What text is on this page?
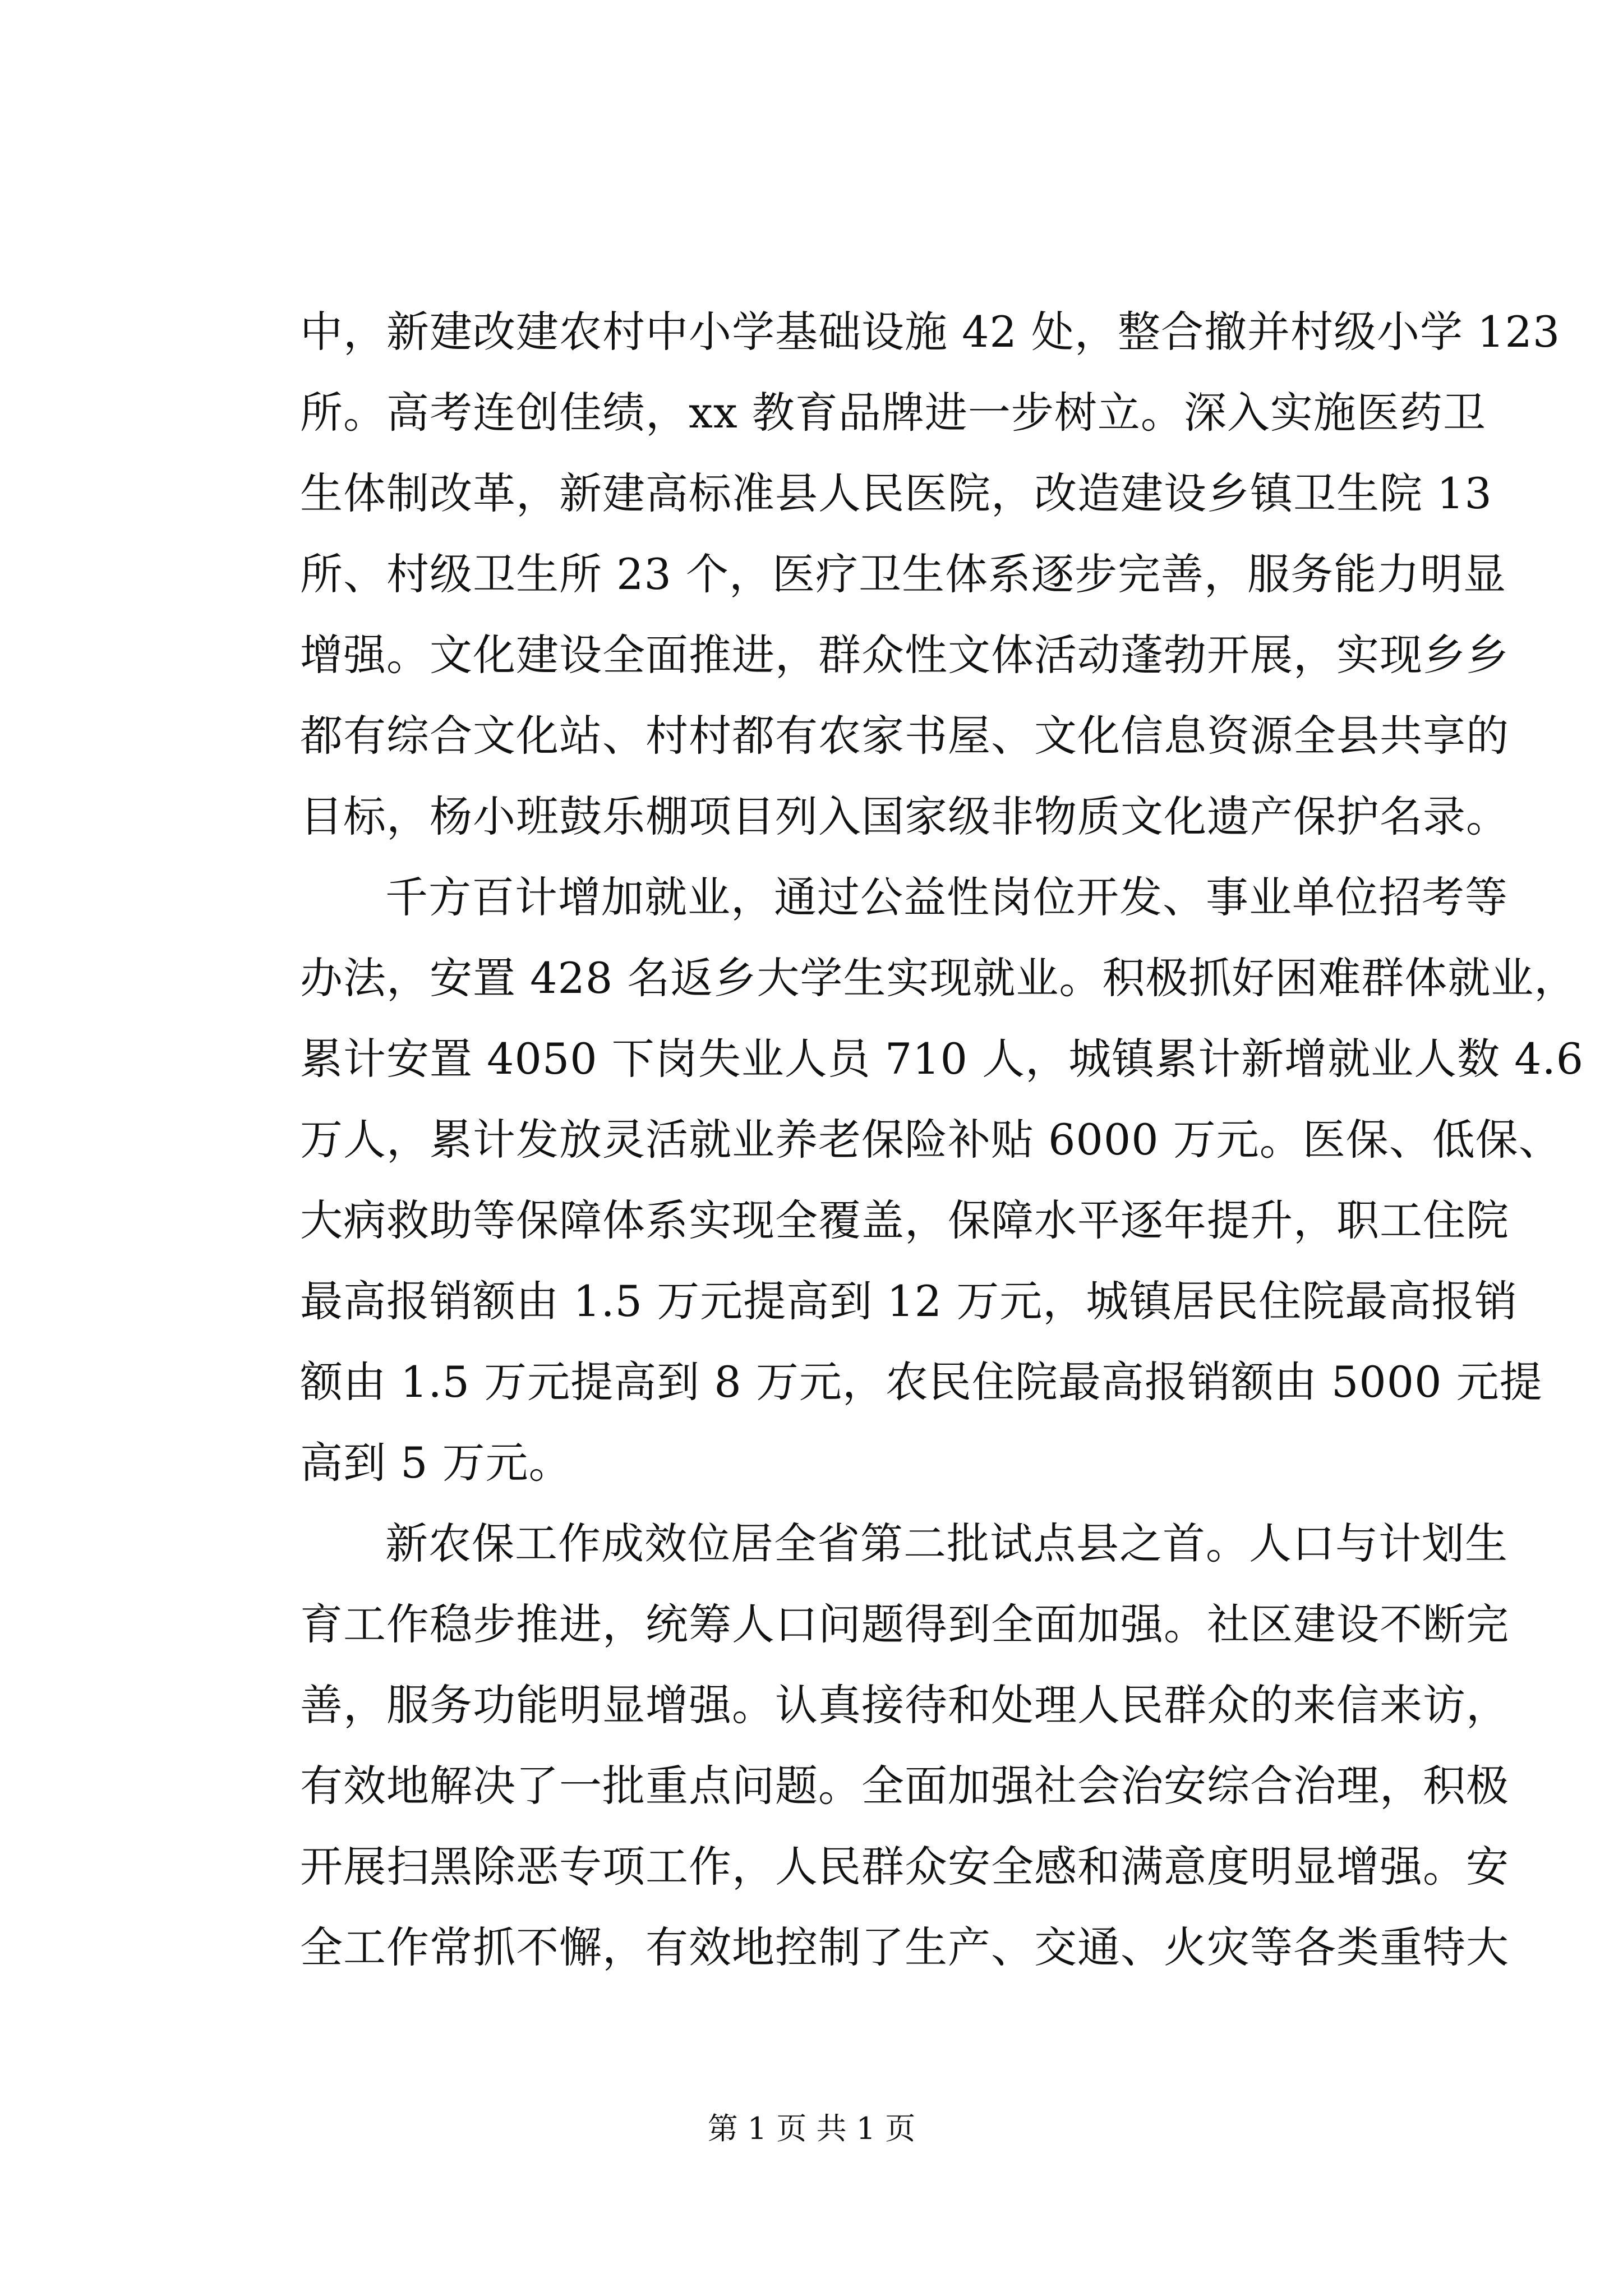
中，新建改建农村中小学基础设施 42 处，整合撤并村级小学 123
所。高考连创佳绩，xx 教育品牌进一步树立。深入实施医药卫
生体制改革，新建高标准县人民医院，改造建设乡镇卫生院 13
所、村级卫生所 23 个，医疗卫生体系逐步完善，服务能力明显
增强。文化建设全面推进，群众性文体活动蓬勃开展，实现乡乡
都有综合文化站、村村都有农家书屋、文化信息资源全县共享的
目标，杨小班鼓乐棚项目列入国家级非物质文化遗产保护名录。
千方百计增加就业，通过公益性岗位开发、事业单位招考等
办法，安置 428 名返乡大学生实现就业。积极抓好困难群体就业，
累计安置 4050 下岗失业人员 710 人，城镇累计新增就业人数 4.6
万人，累计发放灵活就业养老保险补贴 6000 万元。医保、低保、
大病救助等保障体系实现全覆盖，保障水平逐年提升，职工住院
最高报销额由 1.5 万元提高到 12 万元，城镇居民住院最高报销
额由 1.5 万元提高到 8 万元，农民住院最高报销额由 5000 元提
高到 5 万元。
新农保工作成效位居全省第二批试点县之首。人口与计划生
育工作稳步推进，统筹人口问题得到全面加强。社区建设不断完
善，服务功能明显增强。认真接待和处理人民群众的来信来访，
有效地解决了一批重点问题。全面加强社会治安综合治理，积极
开展扫黑除恶专项工作，人民群众安全感和满意度明显增强。安
全工作常抓不懈，有效地控制了生产、交通、火灾等各类重特大
第 1 页 共 1 页
